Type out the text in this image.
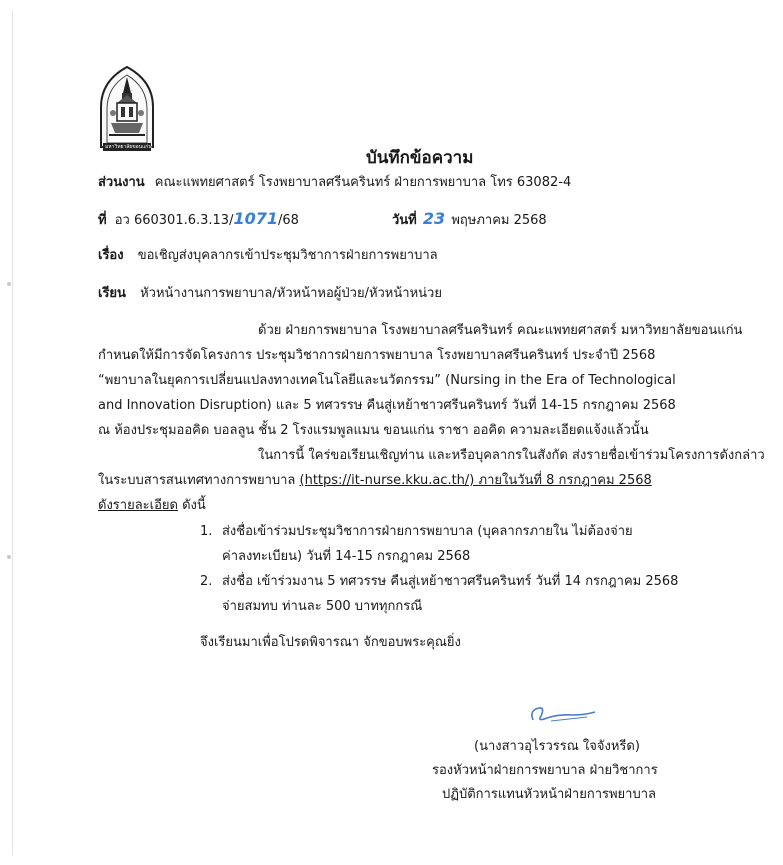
มหาวิทยาลัยขอนแก่น
บันทึกข้อความ
ส่วนงาน คณะแพทยศาสตร์ โรงพยาบาลศรีนครินทร์ ฝ่ายการพยาบาล โทร 63082-4
ที่ อว 660301.6.3.13/1071/68	วันที่ 23 พฤษภาคม 2568
เรื่อง ขอเชิญส่งบุคลากรเข้าประชุมวิชาการฝ่ายการพยาบาล
เรียน หัวหน้างานการพยาบาล/หัวหน้าหอผู้ป่วย/หัวหน้าหน่วย
ด้วย ฝ่ายการพยาบาล โรงพยาบาลศรีนครินทร์ คณะแพทยศาสตร์ มหาวิทยาลัยขอนแก่น
กำหนดให้มีการจัดโครงการ ประชุมวิชาการฝ่ายการพยาบาล โรงพยาบาลศรีนครินทร์ ประจำปี 2568
“พยาบาลในยุคการเปลี่ยนแปลงทางเทคโนโลยีและนวัตกรรม” (Nursing in the Era of Technological
and Innovation Disruption) และ 5 ทศวรรษ คืนสู่เหย้าชาวศรีนครินทร์ วันที่ 14-15 กรกฎาคม 2568
ณ ห้องประชุมออคิด บอลลูน ชั้น 2 โรงแรมพูลแมน ขอนแก่น ราชา ออคิด ความละเอียดแจ้งแล้วนั้น
ในการนี้ ใคร่ขอเรียนเชิญท่าน และหรือบุคลากรในสังกัด ส่งรายชื่อเข้าร่วมโครงการดังกล่าว
ในระบบสารสนเทศทางการพยาบาล (https://it-nurse.kku.ac.th/) ภายในวันที่ 8 กรกฎาคม 2568
ดังรายละเอียด ดังนี้
1. ส่งชื่อเข้าร่วมประชุมวิชาการฝ่ายการพยาบาล (บุคลากรภายใน ไม่ต้องจ่าย
ค่าลงทะเบียน) วันที่ 14-15 กรกฎาคม 2568
2. ส่งชื่อ เข้าร่วมงาน 5 ทศวรรษ คืนสู่เหย้าชาวศรีนครินทร์ วันที่ 14 กรกฎาคม 2568
จ่ายสมทบ ท่านละ 500 บาททุกกรณี
จึงเรียนมาเพื่อโปรดพิจารณา จักขอบพระคุณยิ่ง
(นางสาวอุไรวรรณ ใจจังหรีด)
รองหัวหน้าฝ่ายการพยาบาล ฝ่ายวิชาการ
ปฏิบัติการแทนหัวหน้าฝ่ายการพยาบาล
